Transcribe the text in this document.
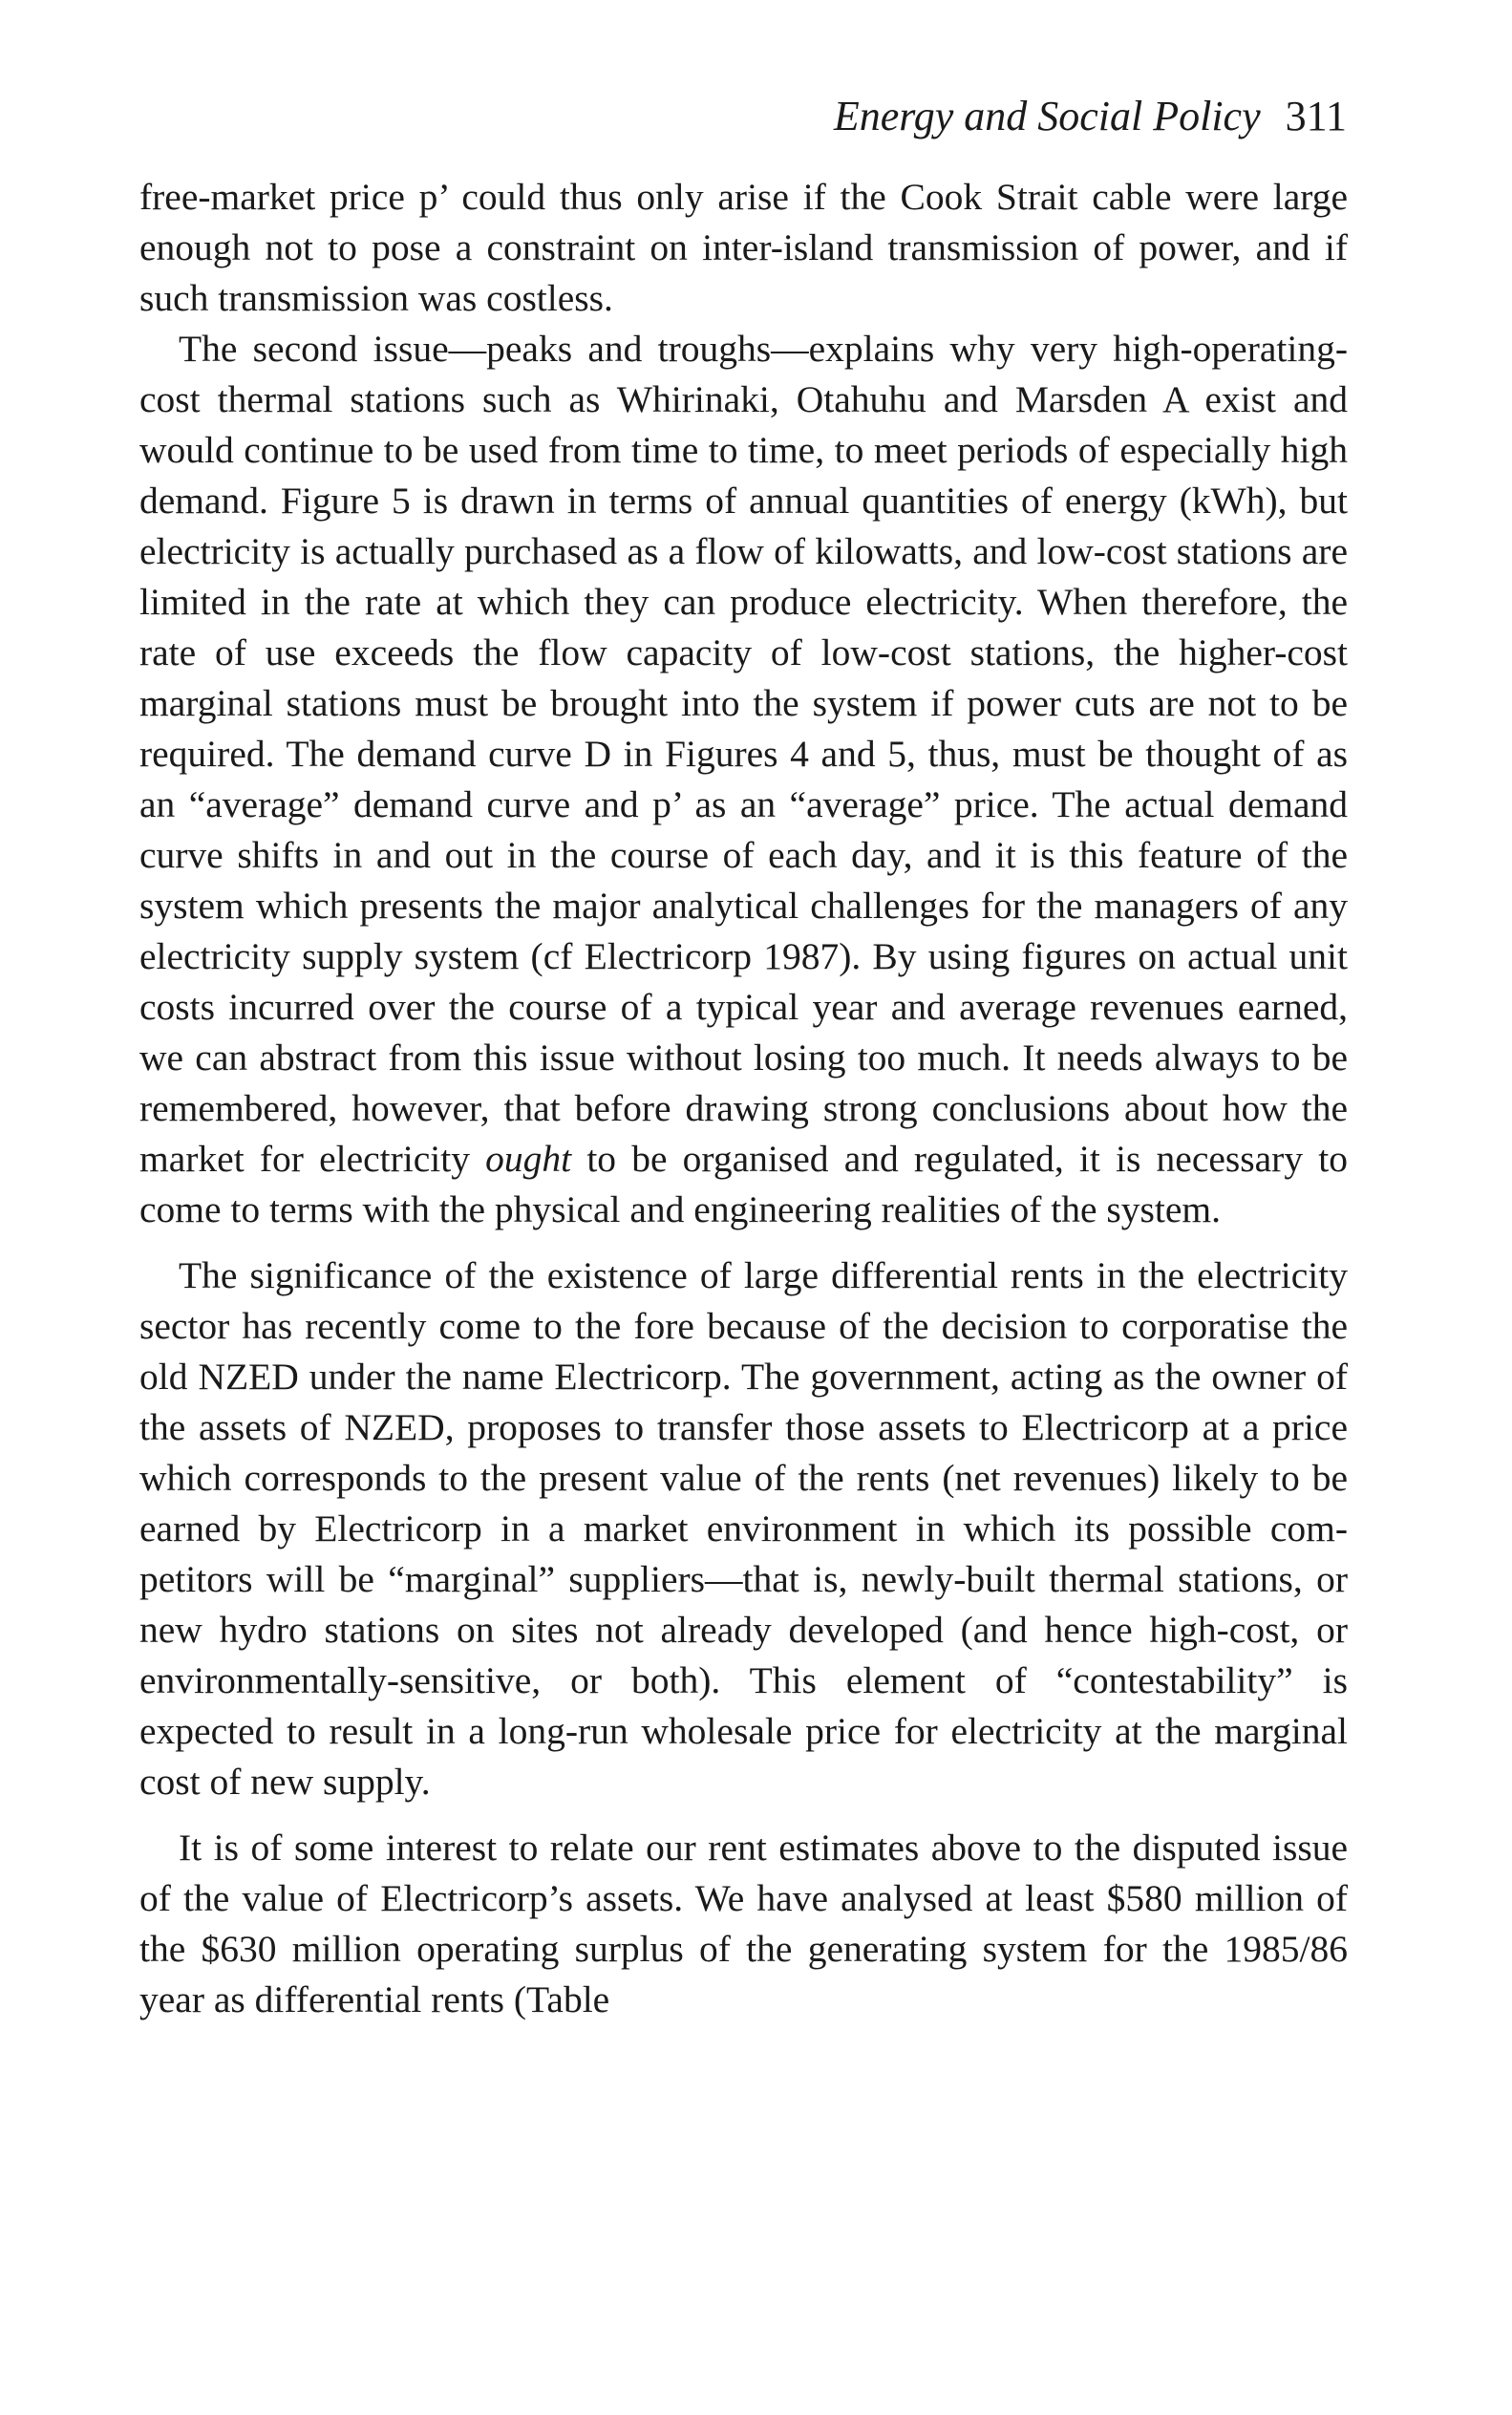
Energy and Social Policy 311

free-market price p’ could thus only arise if the Cook Strait cable were large enough not to pose a constraint on inter-island transmission of power, and if such transmission was costless.

The second issue—peaks and troughs—explains why very high-operating-cost thermal stations such as Whirinaki, Otahuhu and Marsden A exist and would continue to be used from time to time, to meet periods of especially high demand. Figure 5 is drawn in terms of annual quantities of energy (kWh), but electricity is actually purchased as a flow of kilowatts, and low-cost stations are limited in the rate at which they can produce electricity. When therefore, the rate of use exceeds the flow capacity of low-cost stations, the higher-cost marginal stations must be brought into the system if power cuts are not to be required. The demand curve D in Figures 4 and 5, thus, must be thought of as an “average” demand curve and p’ as an “average” price. The actual demand curve shifts in and out in the course of each day, and it is this feature of the system which presents the major analytical challenges for the managers of any electricity supply system (cf Electricorp 1987). By using figures on actual unit costs incurred over the course of a typical year and average revenues earned, we can abstract from this issue without losing too much. It needs always to be remembered, however, that before drawing strong conclusions about how the market for electricity ought to be organised and regulated, it is necessary to come to terms with the physical and engineering realities of the system.

The significance of the existence of large differential rents in the electricity sector has recently come to the fore because of the decision to corporatise the old NZED under the name Electricorp. The government, acting as the owner of the assets of NZED, proposes to transfer those assets to Electricorp at a price which corresponds to the present value of the rents (net revenues) likely to be earned by Electricorp in a market environment in which its possible competitors will be “marginal” suppliers—that is, newly-built thermal stations, or new hydro stations on sites not already developed (and hence high-cost, or environmentally-sensitive, or both). This element of “contestability” is expected to result in a long-run wholesale price for electricity at the marginal cost of new supply.

It is of some interest to relate our rent estimates above to the disputed issue of the value of Electricorp’s assets. We have analysed at least $580 million of the $630 million operating surplus of the generating system for the 1985/86 year as differential rents (Table
